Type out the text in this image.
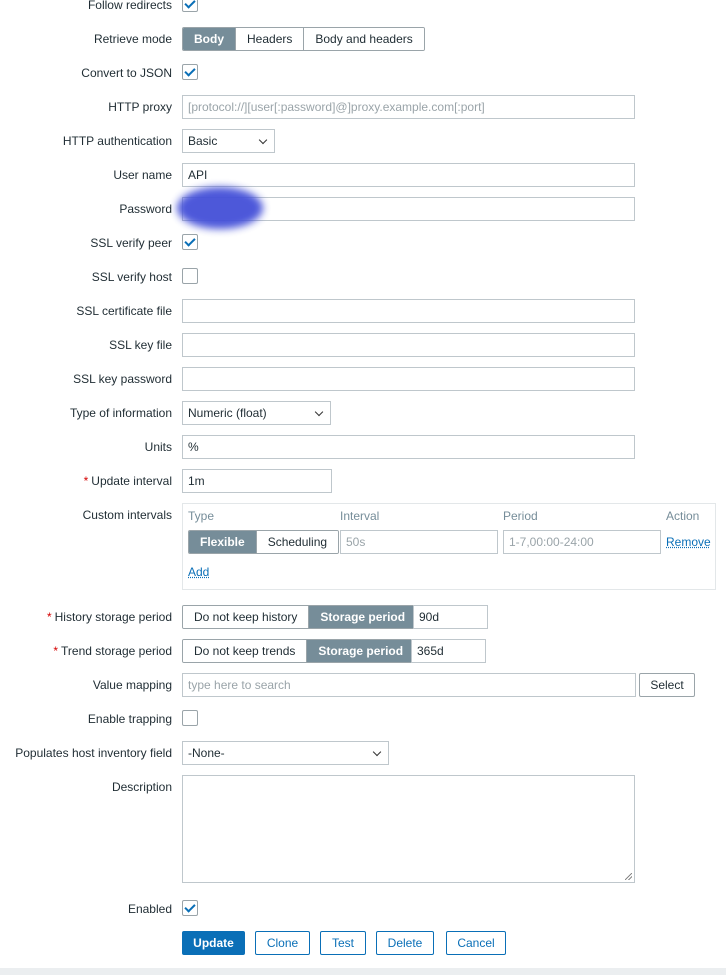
Follow redirects
Retrieve mode	Body	Headers	Body and headers
Convert to JSON
HTTP proxy	[protocol://][user[:password]@]proxy.example.com[:port]
HTTP authentication	Basic
User name	API
Password
SSL verify peer
SSL verify host
SSL certificate file
SSL key file
SSL key password
Type of information	Numeric (float)
Units	%
* Update interval	1m
Custom intervals Type	Interval	Period	Action
Flexible	Scheduling	50s	1-7,00:00-24:00	Remove
Add
* History storage period	Do not keep history	Storage period	90d
* Trend storage period	Do not keep trends	Storage period	365d
Value mapping	type here to search	Select
Enable trapping
Populates host inventory field	-None-
Description
Enabled
Update	Clone	Test	Delete	Cancel
